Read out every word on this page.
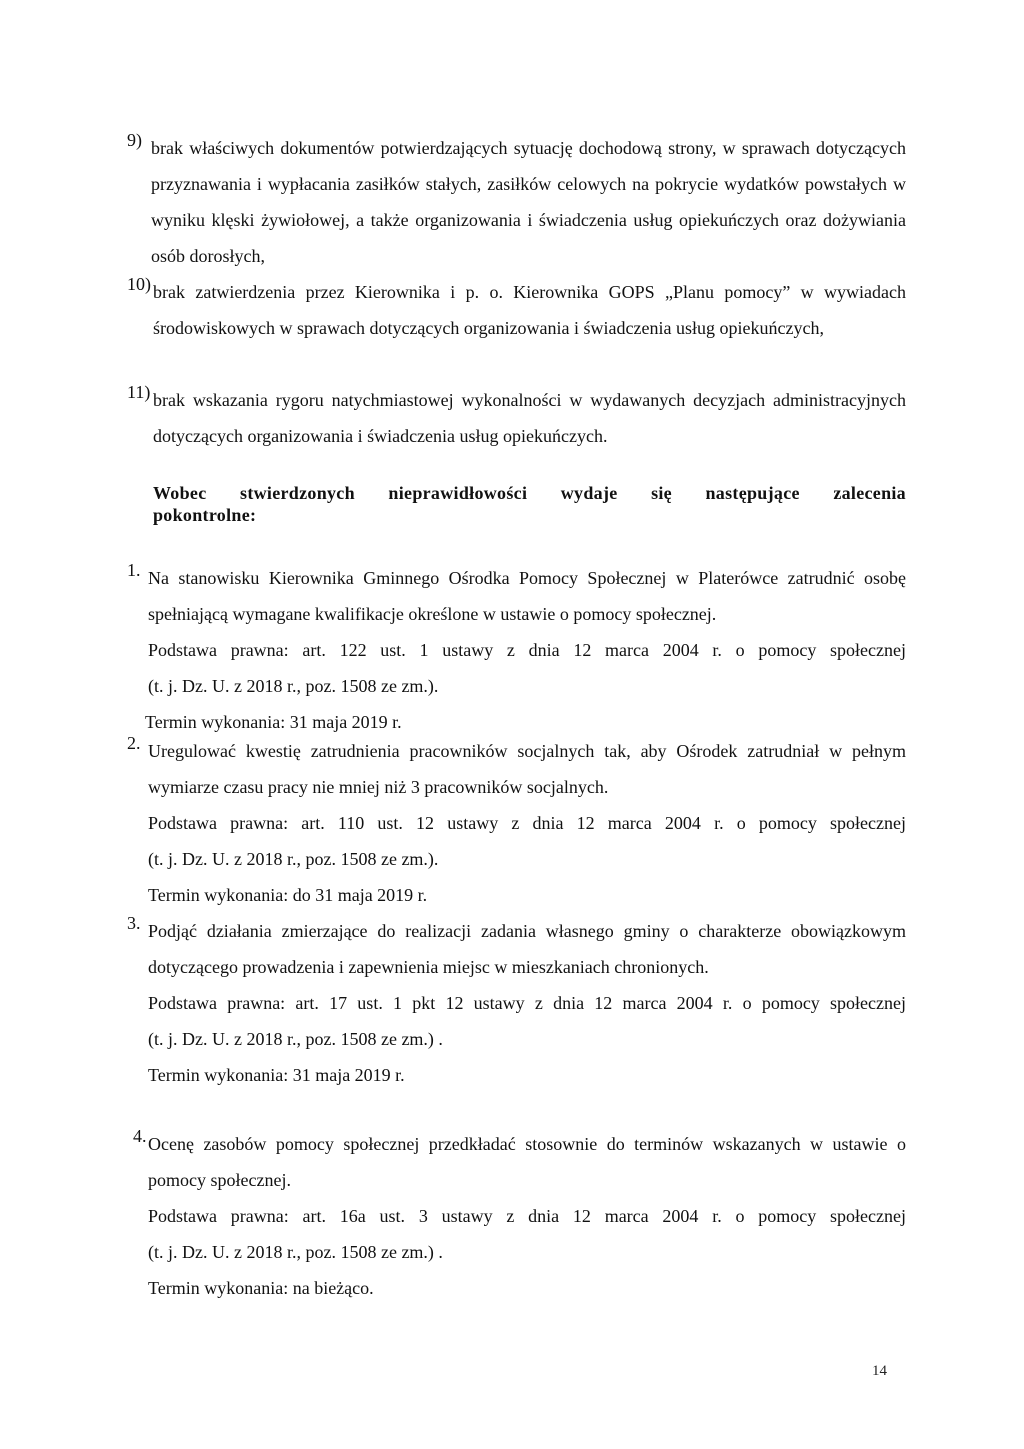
9) brak właściwych dokumentów potwierdzających sytuację dochodową strony, w sprawach dotyczących przyznawania i wypłacania zasiłków stałych, zasiłków celowych na pokrycie wydatków powstałych w wyniku klęski żywiołowej, a także organizowania i świadczenia usług opiekuńczych oraz dożywiania osób dorosłych,
10) brak zatwierdzenia przez Kierownika i p. o. Kierownika GOPS „Planu pomocy” w wywiadach środowiskowych w sprawach dotyczących organizowania i świadczenia usług opiekuńczych,
11) brak wskazania rygoru natychmiastowej wykonalności w wydawanych decyzjach administracyjnych dotyczących organizowania i świadczenia usług opiekuńczych.
Wobec stwierdzonych nieprawidłowości wydaje się następujące zalecenia
pokontrolne:
1. Na stanowisku Kierownika Gminnego Ośrodka Pomocy Społecznej w Platerówce zatrudnić osobę spełniającą wymagane kwalifikacje określone w ustawie o pomocy społecznej.
Podstawa prawna: art. 122 ust. 1 ustawy z dnia 12 marca 2004 r. o pomocy społecznej
(t. j. Dz. U. z 2018 r., poz. 1508 ze zm.).
Termin wykonania: 31 maja 2019 r.
2. Uregulować kwestię zatrudnienia pracowników socjalnych tak, aby Ośrodek zatrudniał w pełnym wymiarze czasu pracy nie mniej niż 3 pracowników socjalnych.
Podstawa prawna: art. 110 ust. 12 ustawy z dnia 12 marca 2004 r. o pomocy społecznej
(t. j. Dz. U. z 2018 r., poz. 1508 ze zm.).
Termin wykonania: do 31 maja 2019 r.
3. Podjąć działania zmierzające do realizacji zadania własnego gminy o charakterze obowiązkowym dotyczącego prowadzenia i zapewnienia miejsc w mieszkaniach chronionych.
Podstawa prawna: art. 17 ust. 1 pkt 12 ustawy z dnia 12 marca 2004 r. o pomocy społecznej
(t. j. Dz. U. z 2018 r., poz. 1508 ze zm.) .
Termin wykonania: 31 maja 2019 r.
4. Ocenę zasobów pomocy społecznej przedkładać stosownie do terminów wskazanych w ustawie o pomocy społecznej.
Podstawa prawna: art. 16a ust. 3 ustawy z dnia 12 marca 2004 r. o pomocy społecznej
(t. j. Dz. U. z 2018 r., poz. 1508 ze zm.) .
Termin wykonania: na bieżąco.
14
